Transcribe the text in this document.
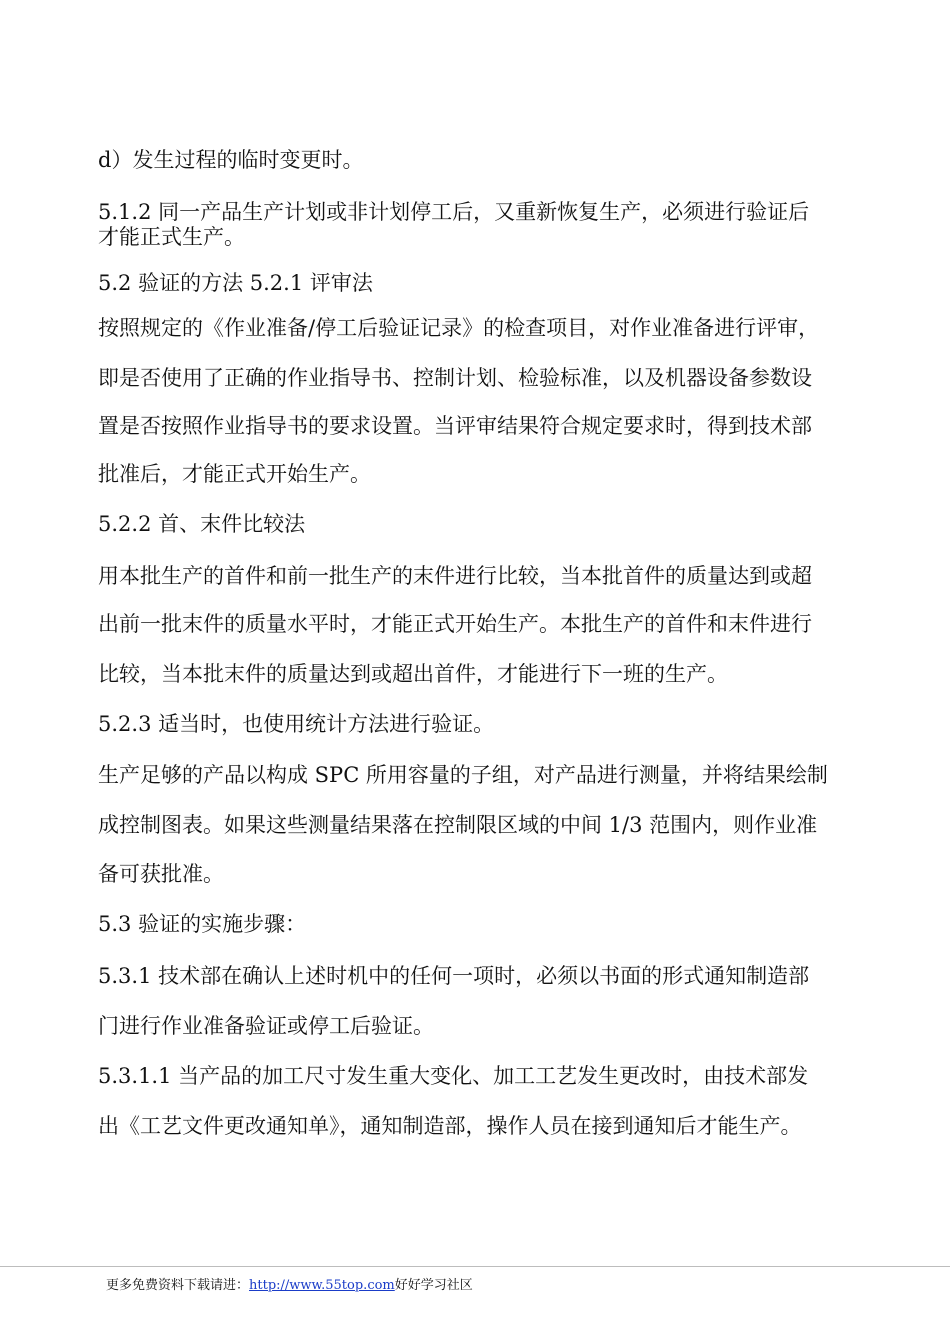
d）发生过程的临时变更时。
5.1.2 同一产品生产计划或非计划停工后，又重新恢复生产，必须进行验证后
才能正式生产。
5.2 验证的方法 5.2.1 评审法
按照规定的《作业准备/停工后验证记录》的检查项目，对作业准备进行评审，
即是否使用了正确的作业指导书、控制计划、检验标准，以及机器设备参数设
置是否按照作业指导书的要求设置。当评审结果符合规定要求时，得到技术部
批准后，才能正式开始生产。
5.2.2 首、末件比较法
用本批生产的首件和前一批生产的末件进行比较，当本批首件的质量达到或超
出前一批末件的质量水平时，才能正式开始生产。本批生产的首件和末件进行
比较，当本批末件的质量达到或超出首件，才能进行下一班的生产。
5.2.3 适当时，也使用统计方法进行验证。
生产足够的产品以构成 SPC 所用容量的子组，对产品进行测量，并将结果绘制
成控制图表。如果这些测量结果落在控制限区域的中间 1/3 范围内，则作业准
备可获批准。
5.3 验证的实施步骤：
5.3.1 技术部在确认上述时机中的任何一项时，必须以书面的形式通知制造部
门进行作业准备验证或停工后验证。
5.3.1.1 当产品的加工尺寸发生重大变化、加工工艺发生更改时，由技术部发
出《工艺文件更改通知单》，通知制造部，操作人员在接到通知后才能生产。
更多免费资料下载请进：http://www.55top.com好好学习社区
